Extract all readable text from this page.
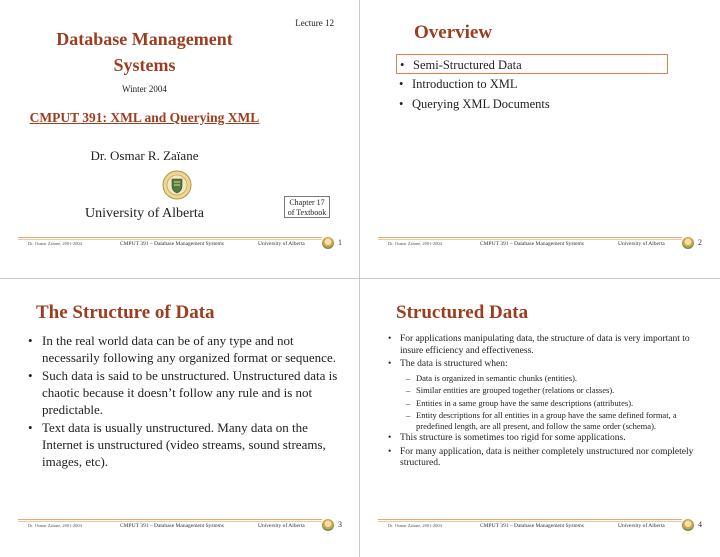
Lecture 12
Database Management
Systems
Winter 2004
CMPUT 391: XML and Querying XML
Dr. Osmar R. Zaïane
University of Alberta
Chapter 17
of Textbook
Dr. Osmar Zaïane, 2001-2004	CMPUT 391 – Database Management Systems	University of Alberta	1
Overview
• Semi-Structured Data
• Introduction to XML
• Querying XML Documents
Dr. Osmar Zaïane, 2001-2004	CMPUT 391 – Database Management Systems	University of Alberta	2
The Structure of Data
• In the real world data can be of any type and not necessarily following any organized format or sequence.
• Such data is said to be unstructured. Unstructured data is chaotic because it doesn’t follow any rule and is not predictable.
• Text data is usually unstructured. Many data on the Internet is unstructured (video streams, sound streams, images, etc).
Dr. Osmar Zaïane, 2001-2004	CMPUT 391 – Database Management Systems	University of Alberta	3
Structured Data
• For applications manipulating data, the structure of data is very important to insure efficiency and effectiveness.
• The data is structured when:
– Data is organized in semantic chunks (entities).
– Similar entities are grouped together (relations or classes).
– Entities in a same group have the same descriptions (attributes).
– Entity descriptions for all entities in a group have the same defined format, a predefined length, are all present, and follow the same order (schema).
• This structure is sometimes too rigid for some applications.
• For many application, data is neither completely unstructured nor completely structured.
Dr. Osmar Zaïane, 2001-2004	CMPUT 391 – Database Management Systems	University of Alberta	4
